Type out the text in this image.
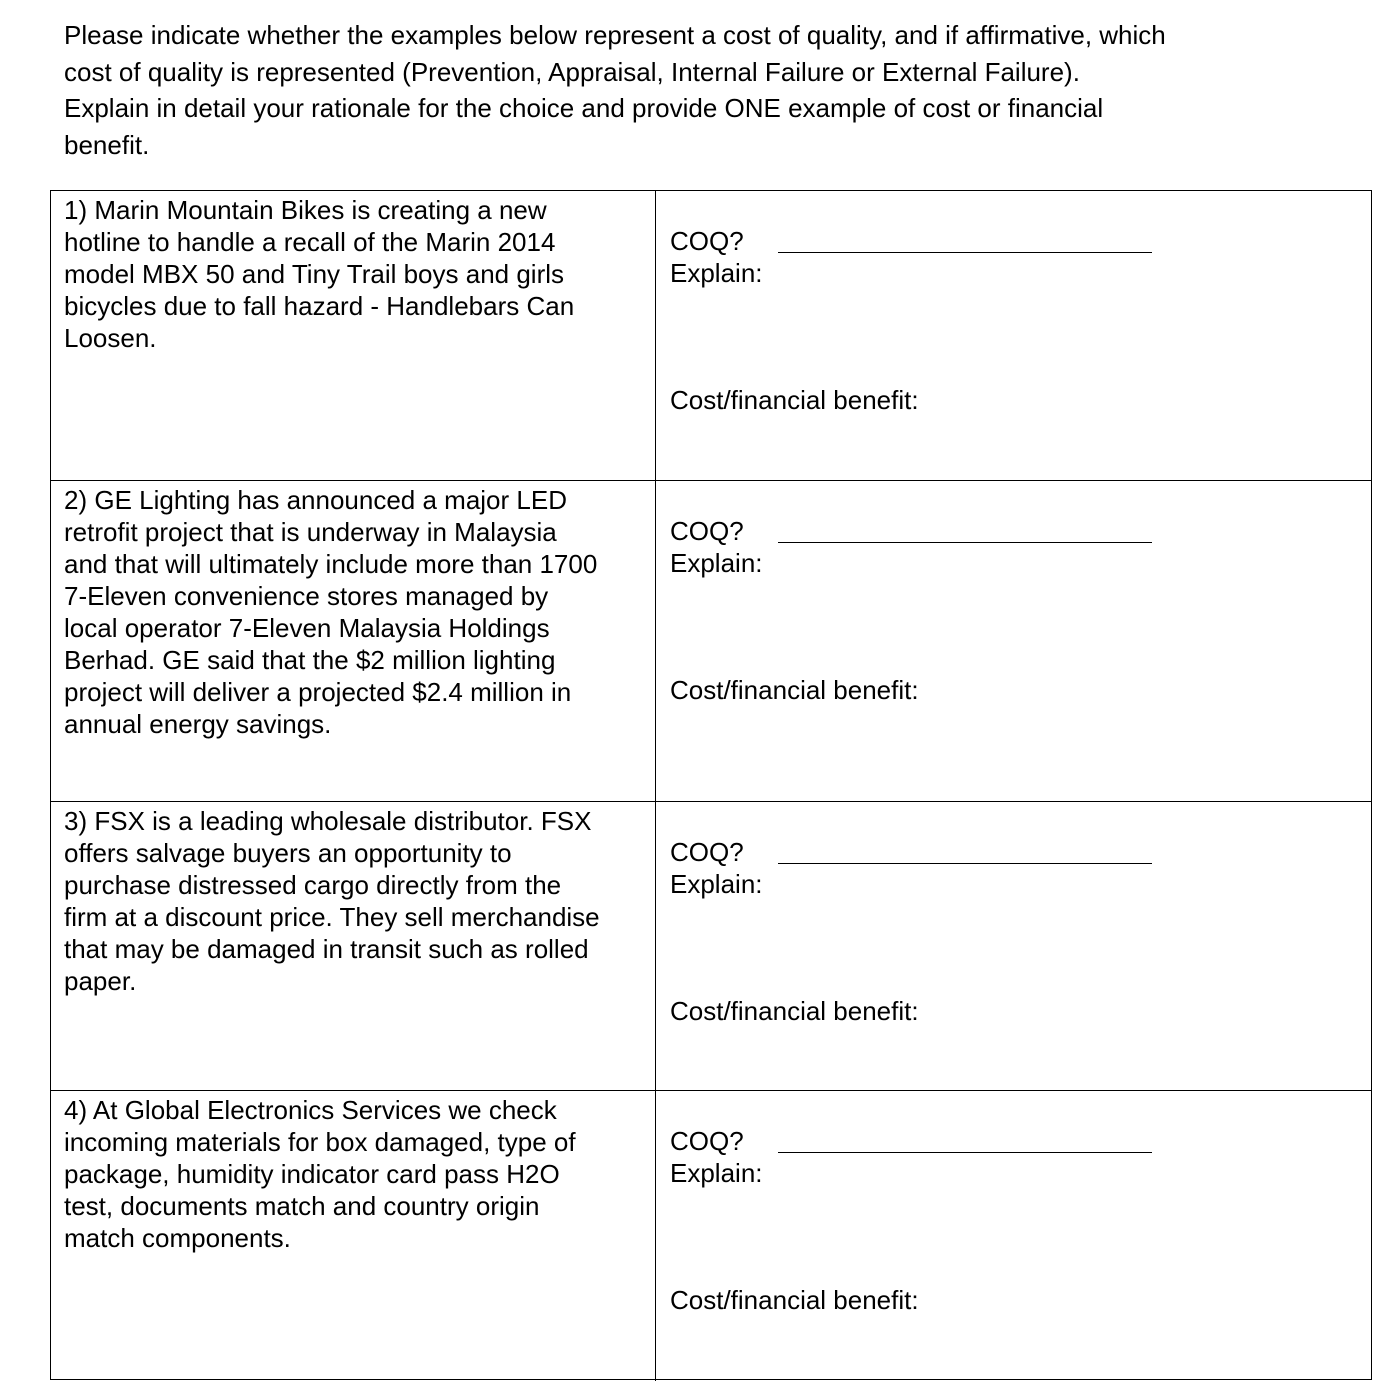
Please indicate whether the examples below represent a cost of quality, and if affirmative, which

cost of quality is represented (Prevention, Appraisal, Internal Failure or External Failure).

Explain in detail your rationale for the choice and provide ONE example of cost or financial

benefit.

1) Marin Mountain Bikes is creating a new
hotline to handle a recall of the Marin 2014
model MBX 50 and Tiny Trail boys and girls
bicycles due to fall hazard - Handlebars Can
Loosen.
COQ?
Explain:
Cost/financial benefit:
2) GE Lighting has announced a major LED
retrofit project that is underway in Malaysia
and that will ultimately include more than 1700
7-Eleven convenience stores managed by
local operator 7-Eleven Malaysia Holdings
Berhad. GE said that the $2 million lighting
project will deliver a projected $2.4 million in
annual energy savings.
COQ?
Explain:
Cost/financial benefit:
3) FSX is a leading wholesale distributor. FSX
offers salvage buyers an opportunity to
purchase distressed cargo directly from the
firm at a discount price. They sell merchandise
that may be damaged in transit such as rolled
paper.
COQ?
Explain:
Cost/financial benefit:
4) At Global Electronics Services we check
incoming materials for box damaged, type of
package, humidity indicator card pass H2O
test, documents match and country origin
match components.
COQ?
Explain:
Cost/financial benefit:
